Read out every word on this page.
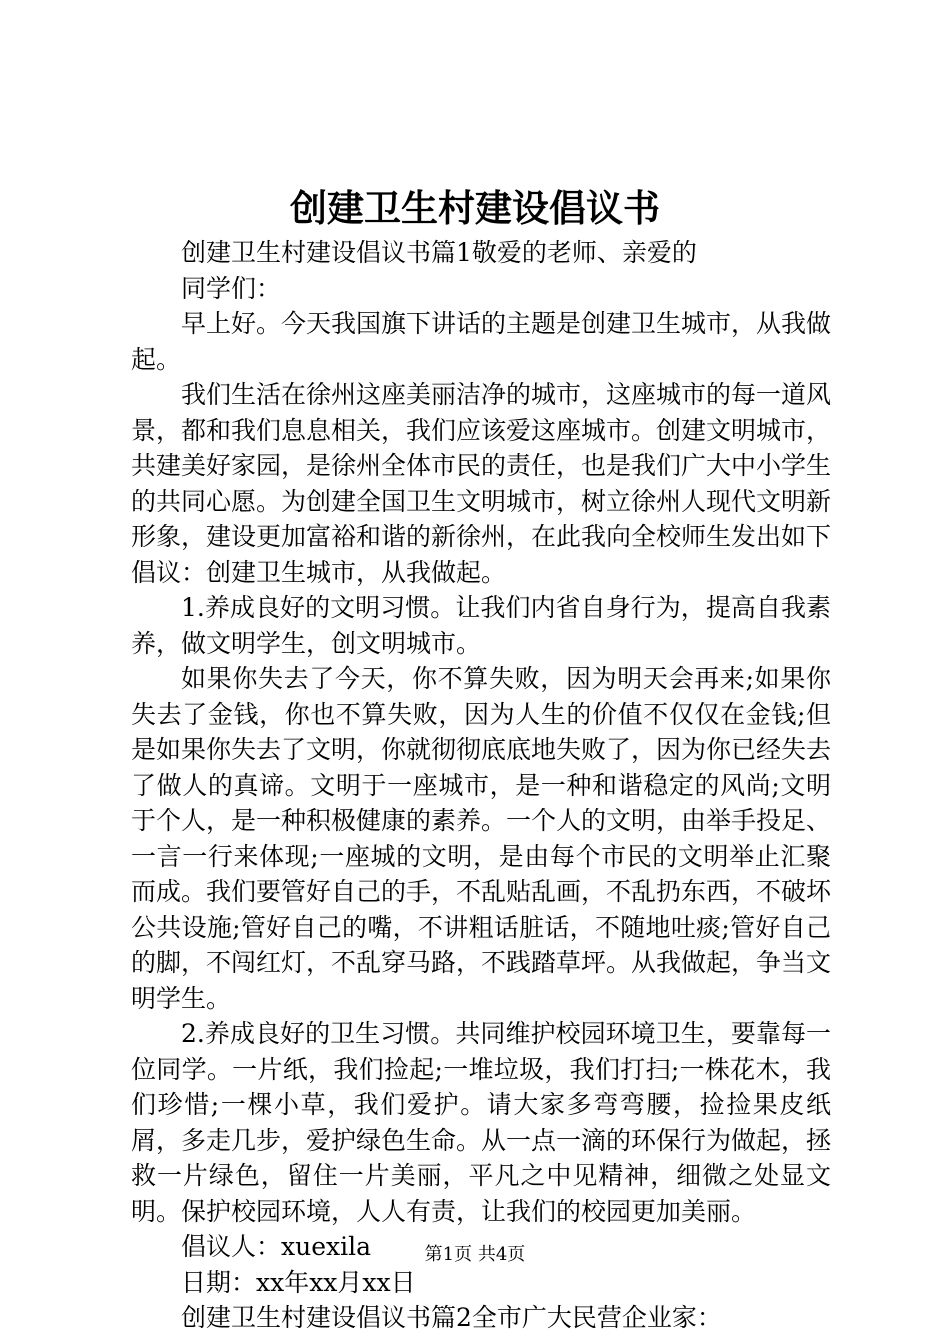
创建卫生村建设倡议书

创建卫生村建设倡议书篇1敬爱的老师、亲爱的

同学们：

早上好。今天我国旗下讲话的主题是创建卫生城市，从我做起。

我们生活在徐州这座美丽洁净的城市，这座城市的每一道风景，都和我们息息相关，我们应该爱这座城市。创建文明城市，共建美好家园，是徐州全体市民的责任，也是我们广大中小学生的共同心愿。为创建全国卫生文明城市，树立徐州人现代文明新形象，建设更加富裕和谐的新徐州，在此我向全校师生发出如下倡议：创建卫生城市，从我做起。

1.养成良好的文明习惯。让我们内省自身行为，提高自我素养，做文明学生，创文明城市。

如果你失去了今天，你不算失败，因为明天会再来;如果你失去了金钱，你也不算失败，因为人生的价值不仅仅在金钱;但是如果你失去了文明，你就彻彻底底地失败了，因为你已经失去了做人的真谛。文明于一座城市，是一种和谐稳定的风尚;文明于个人，是一种积极健康的素养。一个人的文明，由举手投足、一言一行来体现;一座城的文明，是由每个市民的文明举止汇聚而成。我们要管好自己的手，不乱贴乱画，不乱扔东西，不破坏公共设施;管好自己的嘴，不讲粗话脏话，不随地吐痰;管好自己的脚，不闯红灯，不乱穿马路，不践踏草坪。从我做起，争当文明学生。

2.养成良好的卫生习惯。共同维护校园环境卫生，要靠每一位同学。一片纸，我们捡起;一堆垃圾，我们打扫;一株花木，我们珍惜;一棵小草，我们爱护。请大家多弯弯腰，捡捡果皮纸屑，多走几步，爱护绿色生命。从一点一滴的环保行为做起，拯救一片绿色，留住一片美丽，平凡之中见精神，细微之处显文明。保护校园环境，人人有责，让我们的校园更加美丽。

倡议人：xuexila

日期：xx年xx月xx日

创建卫生村建设倡议书篇2全市广大民营企业家：

第1页 共4页
